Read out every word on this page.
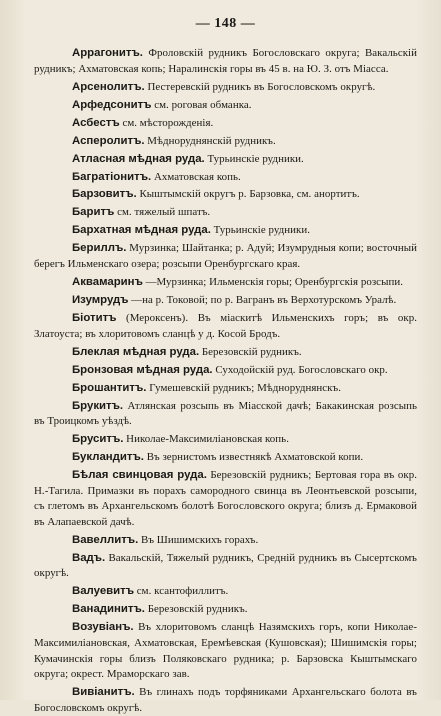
— 148 —

Аррагонитъ. Фроловскій рудникъ Богословскаго округа; Вакальскій рудникъ; Ахматовская копь; Наралинскія горы въ 45 в. на Ю. З. отъ Міасса.

Арсенолитъ. Пестеревскій рудникъ въ Богословскомъ округѣ.

Арфедсонитъ см. роговая обманка.

Асбестъ см. мѣсторожденія.

Асперолитъ. Мѣдноруднянскій рудникъ.

Атласная мѣдная руда. Турьинскіе рудники.

Багратіонитъ. Ахматовская копь.

Барзовитъ. Кыштымскій округъ р. Барзовка, см. анортитъ.

Баритъ см. тяжелый шпатъ.

Бархатная мѣдная руда. Турьинскіе рудники.

Бериллъ. Мурзинка; Шайтанка; р. Адуй; Изумрудныя копи; восточный берегъ Ильменскаго озера; розсыпи Оренбургскаго края.

Аквамаринъ —Мурзинка; Ильменскія горы; Оренбургскія розсыпи.

Изумрудъ —на р. Токовой; по р. Вагранъ въ Верхотурскомъ Уралѣ.

Біотитъ (Мероксенъ). Въ міаскитѣ Ильменскихъ горъ; въ окр. Златоуста; въ хлоритовомъ сланцѣ у д. Косой Бродъ.

Блеклая мѣдная руда. Березовскій рудникъ.

Бронзовая мѣдная руда. Суходойскій руд. Богословскаго окр.

Брошантитъ. Гумешевскій рудникъ; Мѣдноруднянскъ.

Брукитъ. Атлянская розсыпь въ Міасской дачѣ; Бакакинская розсыпь въ Троицкомъ уѣздѣ.

Бруситъ. Николае-Максимиліановская копь.

Букландитъ. Въ зернистомъ известнякѣ Ахматовской копи.

Бѣлая свинцовая руда. Березовскій рудникъ; Бертовая гора въ окр. Н.-Тагила. Примазки въ порахъ самородного свинца въ Леонтьевской розсыпи, съ глетомъ въ Архангельскомъ болотѣ Богословского округа; близъ д. Ермаковой въ Алапаевской дачѣ.

Вавеллитъ. Въ Шишимскихъ горахъ.

Вадъ. Вакальскій, Тяжелый рудникъ, Средній рудникъ въ Сысертскомъ округѣ.

Валуевитъ см. ксантофиллитъ.

Ванадинитъ. Березовскій рудникъ.

Возувіанъ. Въ хлоритовомъ сланцѣ Назямскихъ горъ, копи Николае-Максимиліановская, Ахматовская, Еремѣевская (Кушовская); Шишимскія горы; Кумачинскія горы близъ Поляковскаго рудника; р. Барзовска Кыштымскаго округа; окрест. Мраморскаго зав.

Вивіанитъ. Въ глинахъ подъ торфяниками Архангельскаго болота въ Богословскомъ округѣ.
